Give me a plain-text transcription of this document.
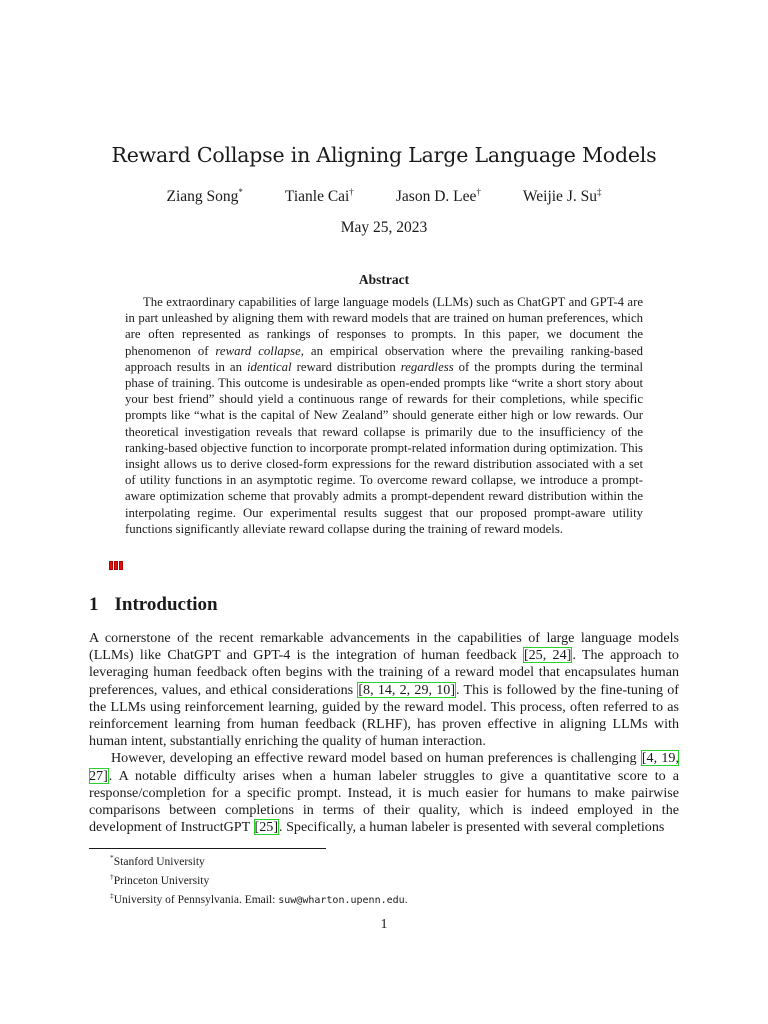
Reward Collapse in Aligning Large Language Models
Ziang Song*	Tianle Cai†	Jason D. Lee†	Weijie J. Su‡
May 25, 2023
Abstract

The extraordinary capabilities of large language models (LLMs) such as ChatGPT and GPT-4 are in part unleashed by aligning them with reward models that are trained on human preferences, which are often represented as rankings of responses to prompts. In this paper, we document the phenomenon of reward collapse, an empirical observation where the prevailing ranking-based approach results in an identical reward distribution regardless of the prompts during the terminal phase of training. This outcome is undesirable as open-ended prompts like “write a short story about your best friend” should yield a continuous range of rewards for their completions, while specific prompts like “what is the capital of New Zealand” should generate either high or low rewards. Our theoretical investigation reveals that reward collapse is primarily due to the insufficiency of the ranking-based objective function to incorporate prompt-related information during optimization. This insight allows us to derive closed-form expressions for the reward distribution associated with a set of utility functions in an asymptotic regime. To overcome reward collapse, we introduce a prompt-aware optimization scheme that provably admits a prompt-dependent reward distribution within the interpolating regime. Our experimental results suggest that our proposed prompt-aware utility functions significantly alleviate reward collapse during the training of reward models.

1 Introduction

A cornerstone of the recent remarkable advancements in the capabilities of large language models (LLMs) like ChatGPT and GPT-4 is the integration of human feedback [25, 24]. The approach to leveraging human feedback often begins with the training of a reward model that encapsulates human preferences, values, and ethical considerations [8, 14, 2, 29, 10]. This is followed by the fine-tuning of the LLMs using reinforcement learning, guided by the reward model. This process, often referred to as reinforcement learning from human feedback (RLHF), has proven effective in aligning LLMs with human intent, substantially enriching the quality of human interaction.

However, developing an effective reward model based on human preferences is challenging [4, 19, 27]. A notable difficulty arises when a human labeler struggles to give a quantitative score to a response/completion for a specific prompt. Instead, it is much easier for humans to make pairwise comparisons between completions in terms of their quality, which is indeed employed in the development of InstructGPT [25]. Specifically, a human labeler is presented with several completions

*Stanford University
†Princeton University
‡University of Pennsylvania. Email: suw@wharton.upenn.edu.
1
